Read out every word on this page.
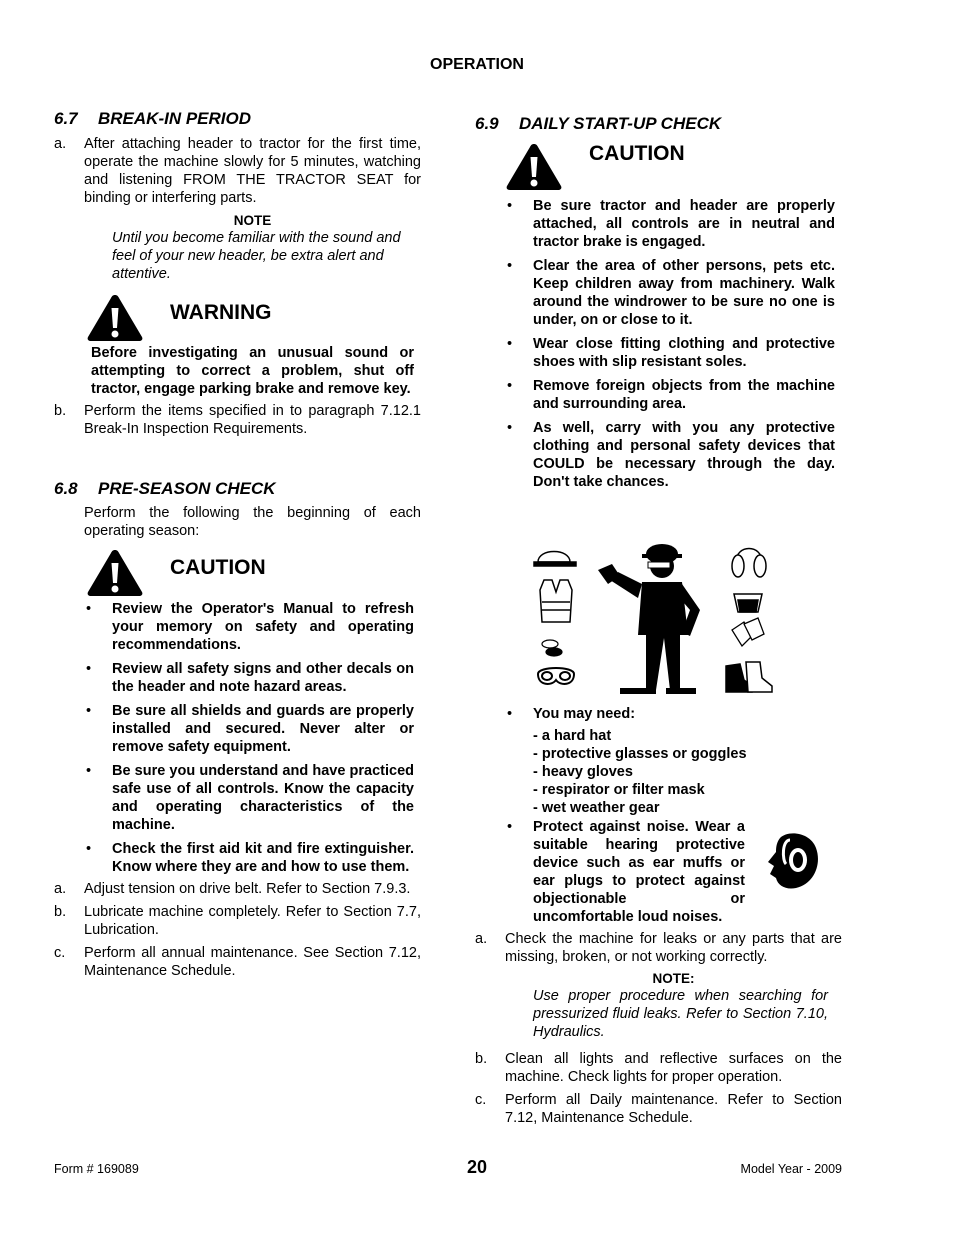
OPERATION
6.7 BREAK-IN PERIOD
a.	After attaching header to tractor for the first time, operate the machine slowly for 5 minutes, watching and listening FROM THE TRACTOR SEAT for binding or interfering parts.
NOTE
Until you become familiar with the sound and feel of your new header, be extra alert and attentive.
WARNING
Before investigating an unusual sound or attempting to correct a problem, shut off tractor, engage parking brake and remove key.
b.	Perform the items specified in to paragraph 7.12.1 Break-In Inspection Requirements.
6.8 PRE-SEASON CHECK
Perform the following the beginning of each operating season:
CAUTION
•	Review the Operator's Manual to refresh your memory on safety and operating recommendations.
•	Review all safety signs and other decals on the header and note hazard areas.
•	Be sure all shields and guards are properly installed and secured. Never alter or remove safety equipment.
•	Be sure you understand and have practiced safe use of all controls. Know the capacity and operating characteristics of the machine.
•	Check the first aid kit and fire extinguisher. Know where they are and how to use them.
a.	Adjust tension on drive belt. Refer to Section 7.9.3.
b.	Lubricate machine completely. Refer to Section 7.7, Lubrication.
c.	Perform all annual maintenance. See Section 7.12, Maintenance Schedule.
6.9 DAILY START-UP CHECK
CAUTION
•	Be sure tractor and header are properly attached, all controls are in neutral and tractor brake is engaged.
•	Clear the area of other persons, pets etc. Keep children away from machinery. Walk around the windrower to be sure no one is under, on or close to it.
•	Wear close fitting clothing and protective shoes with slip resistant soles.
•	Remove foreign objects from the machine and surrounding area.
•	As well, carry with you any protective clothing and personal safety devices that COULD be necessary through the day. Don't take chances.
•	You may need:
- a hard hat
- protective glasses or goggles
- heavy gloves
- respirator or filter mask
- wet weather gear
•	Protect against noise. Wear a suitable hearing protective device such as ear muffs or ear plugs to protect against objectionable or uncomfortable loud noises.
a.	Check the machine for leaks or any parts that are missing, broken, or not working correctly.
NOTE:
Use proper procedure when searching for pressurized fluid leaks. Refer to Section 7.10, Hydraulics.
b.	Clean all lights and reflective surfaces on the machine. Check lights for proper operation.
c.	Perform all Daily maintenance. Refer to Section 7.12, Maintenance Schedule.
Form # 169089	20	Model Year - 2009
